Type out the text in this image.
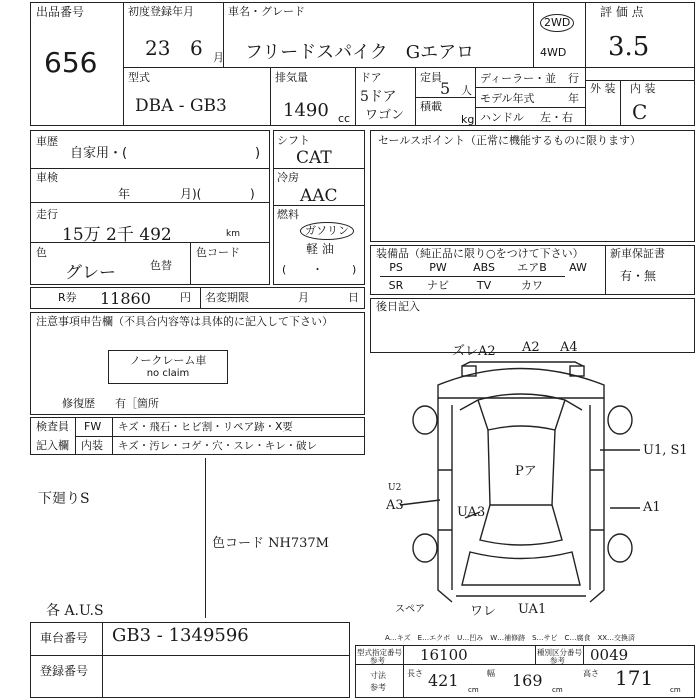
出品番号
656
初度登録年月
23 6 月
車名・グレード
フリードスパイク　Gエアロ
2WD
4WD
評 価 点
3.5
外 装 内 装
C
型式
DBA - GB3
排気量
1490 cc
ドア
5ドア
定員
5 人
積載
ワゴン	kg
ディーラー・並 行
モデル年式	年
ハンドル 左・右
車歴
自家用・(	)
車検
年	月)(	)
走行
15万 2千 492	km
色
グレー	色替
色コード
シフト
CAT
冷房
AAC
燃料
ガソリン
軽 油
( ・	)
セールスポイント（正常に機能するものに限ります）
装備品（純正品に限り○をつけて下さい）
PS	PW	ABS	エアB	AW
SR	ナビ	TV	カワ
新車保証書
有・無
R券 11860	円 名変期限	月	日
後日記入
注意事項申告欄（不具合内容等は具体的に記入して下さい）
ノークレーム車
no claim
修復歴 有［箇所
検査員
記入欄
FW キズ・飛石・ヒビ割・リペア跡・X要
内装 キズ・汚レ・コゲ・穴・スレ・キレ・破レ
下廻りS
色コード NH737M
各 A.U.S
ズレA2 A2 A4
U1, S1
A1
U2
A3
Pア
UA3
スペア	ワレ UA1
A…キズ　E…エクボ　U…凹み　W…補修跡　S…サビ　C…腐食　XX…交換済
車台番号 GB3 - 1349596
登録番号
型式指定番号
参考 16100	種別区分番号
参考 0049
寸法
参考
長さ 421 cm
幅 169 cm
高さ 171 cm
